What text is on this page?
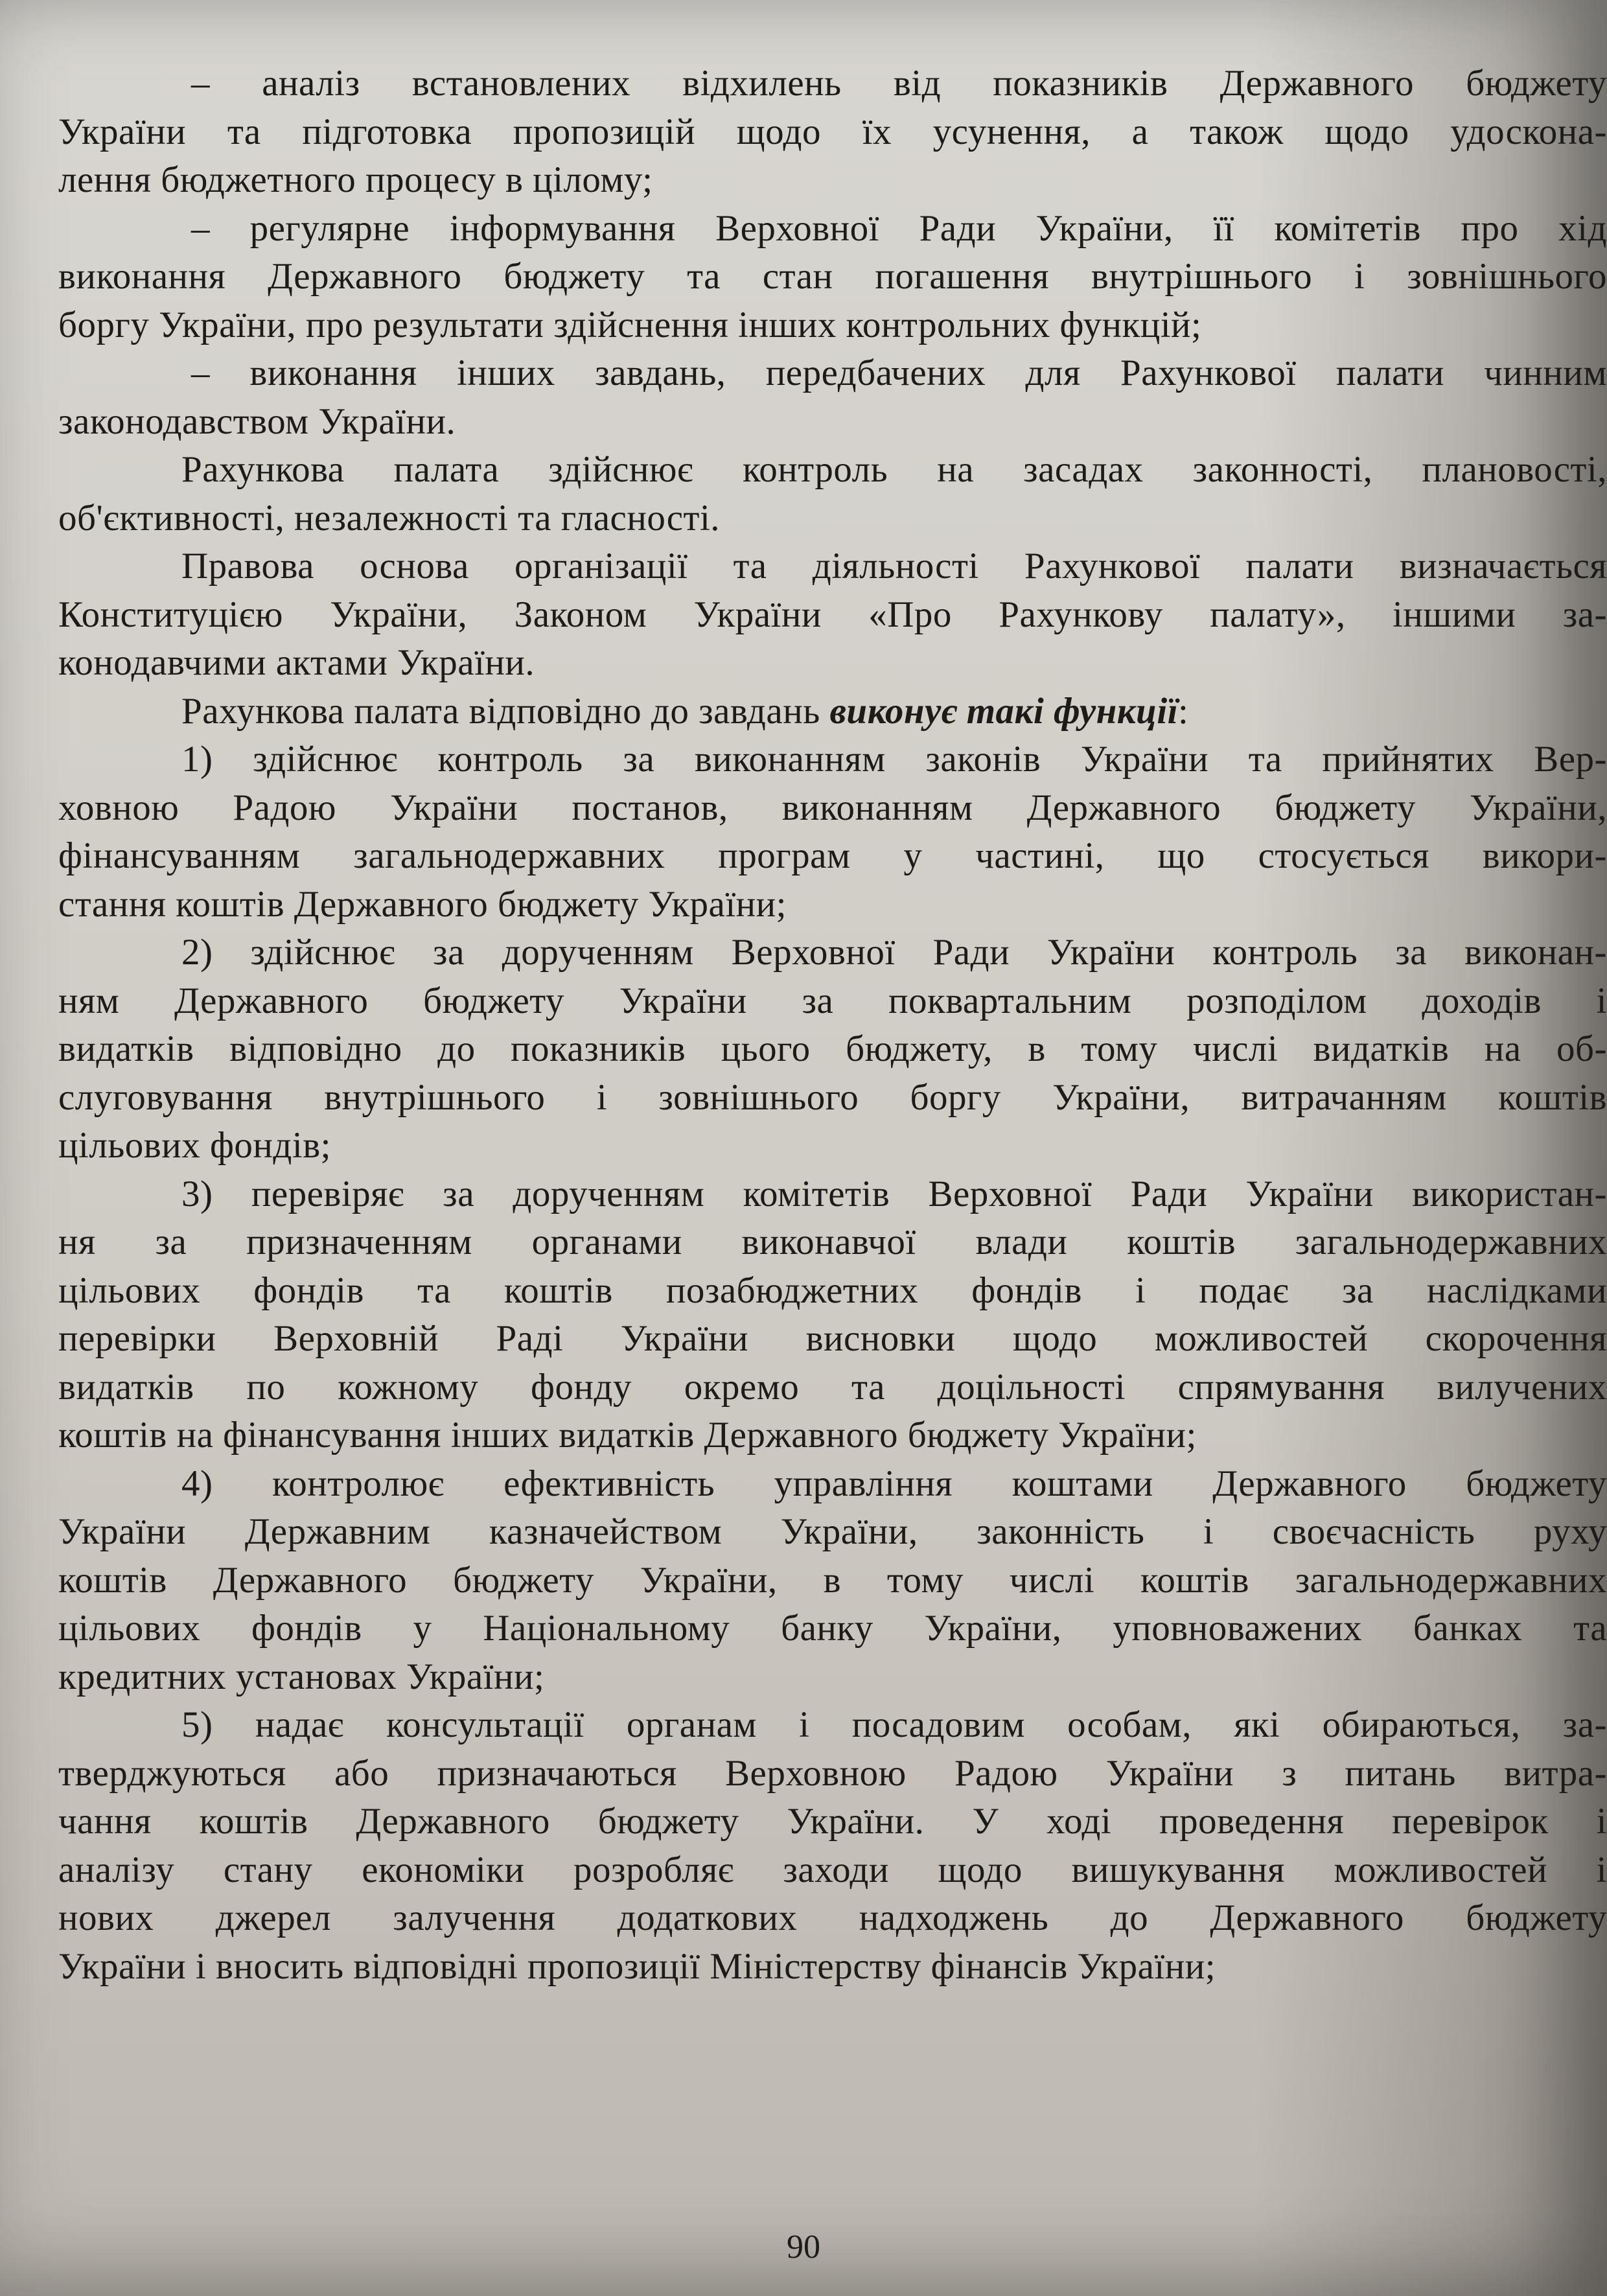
– аналіз встановлених відхилень від показників Державного бюджету
України та підготовка пропозицій щодо їх усунення, а також щодо удоскона-
лення бюджетного процесу в цілому;
– регулярне інформування Верховної Ради України, її комітетів про хід
виконання Державного бюджету та стан погашення внутрішнього і зовнішнього
боргу України, про результати здійснення інших контрольних функцій;
– виконання інших завдань, передбачених для Рахункової палати чинним
законодавством України.
Рахункова палата здійснює контроль на засадах законності, плановості,
об'єктивності, незалежності та гласності.
Правова основа організації та діяльності Рахункової палати визначається
Конституцією України, Законом України «Про Рахункову палату», іншими за-
конодавчими актами України.
Рахункова палата відповідно до завдань виконує такі функції:
1) здійснює контроль за виконанням законів України та прийнятих Вер-
ховною Радою України постанов, виконанням Державного бюджету України,
фінансуванням загальнодержавних програм у частині, що стосується викори-
стання коштів Державного бюджету України;
2) здійснює за дорученням Верховної Ради України контроль за виконан-
ням Державного бюджету України за поквартальним розподілом доходів і
видатків відповідно до показників цього бюджету, в тому числі видатків на об-
слуговування внутрішнього і зовнішнього боргу України, витрачанням коштів
цільових фондів;
3) перевіряє за дорученням комітетів Верховної Ради України використан-
ня за призначенням органами виконавчої влади коштів загальнодержавних
цільових фондів та коштів позабюджетних фондів і подає за наслідками
перевірки Верховній Раді України висновки щодо можливостей скорочення
видатків по кожному фонду окремо та доцільності спрямування вилучених
коштів на фінансування інших видатків Державного бюджету України;
4) контролює ефективність управління коштами Державного бюджету
України Державним казначейством України, законність і своєчасність руху
коштів Державного бюджету України, в тому числі коштів загальнодержавних
цільових фондів у Національному банку України, уповноважених банках та
кредитних установах України;
5) надає консультації органам і посадовим особам, які обираються, за-
тверджуються або призначаються Верховною Радою України з питань витра-
чання коштів Державного бюджету України. У ході проведення перевірок і
аналізу стану економіки розробляє заходи щодо вишукування можливостей і
нових джерел залучення додаткових надходжень до Державного бюджету
України і вносить відповідні пропозиції Міністерству фінансів України;
90
